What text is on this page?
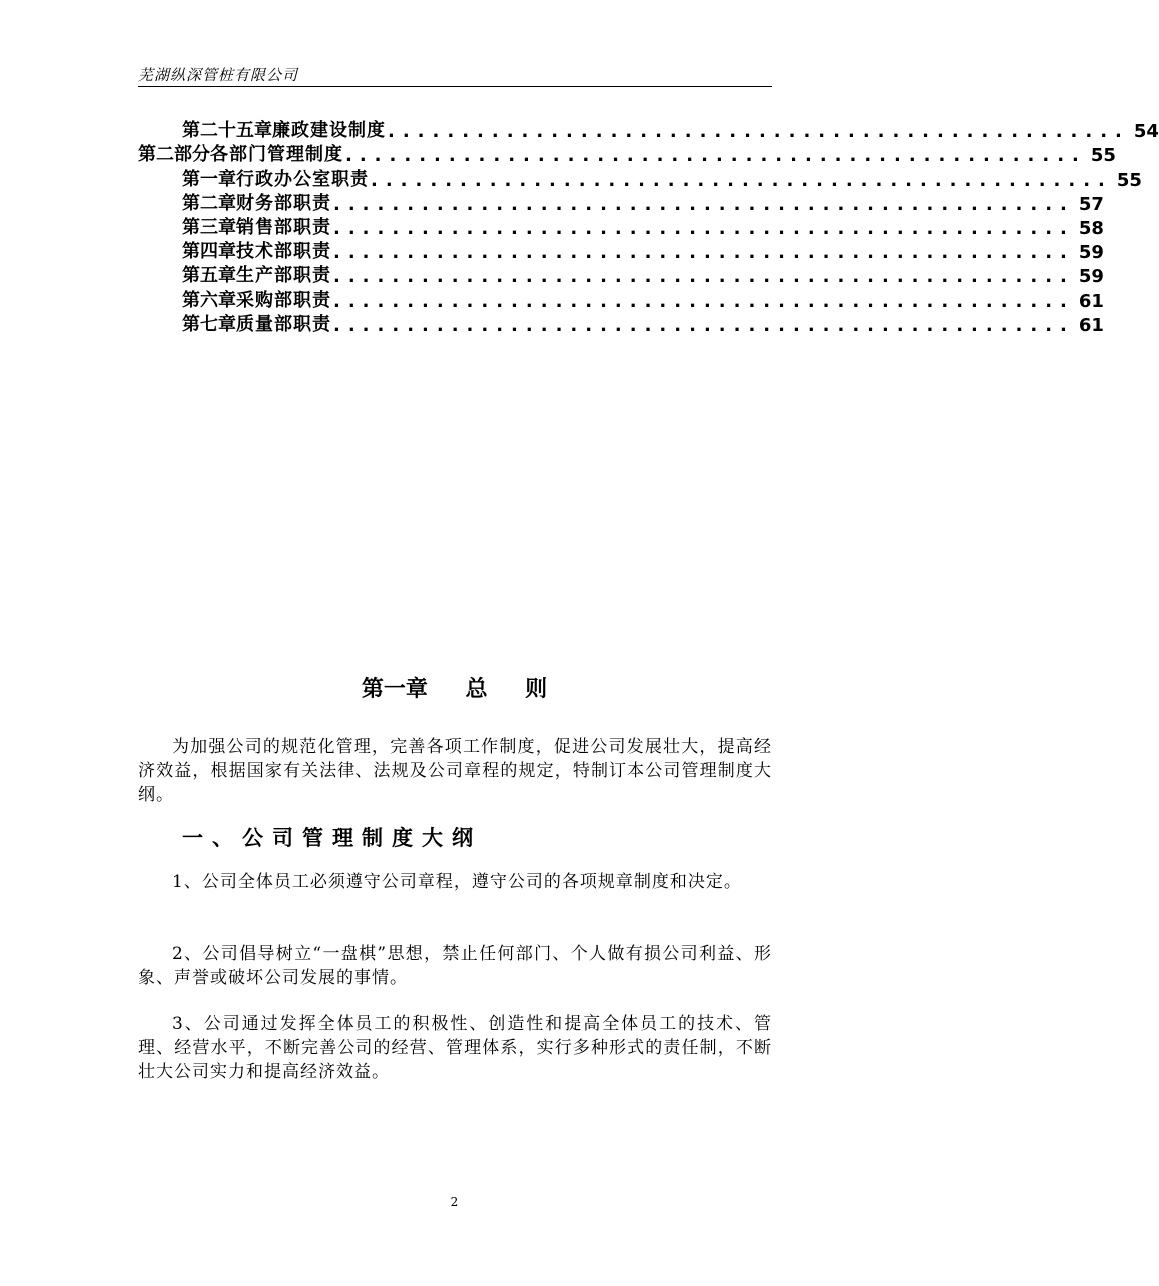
芜湖纵深管桩有限公司
第二十五章 廉政建设制度 .................................................. 54
第二部分 各部门管理制度 .................................................. 55
第一章 行政办公室职责 .................................................. 55
第二章 财务部职责 .................................................. 57
第三章 销售部职责 .................................................. 58
第四章 技术部职责 .................................................. 59
第五章 生产部职责 .................................................. 59
第六章 采购部职责 .................................................. 61
第七章 质量部职责 .................................................. 61
第一章 总 则
为加强公司的规范化管理，完善各项工作制度，促进公司发展壮大，提高经济效益，根据国家有关法律、法规及公司章程的规定，特制订本公司管理制度大纲。
一、公司管理制度大纲
1、公司全体员工必须遵守公司章程，遵守公司的各项规章制度和决定。
2、公司倡导树立“一盘棋”思想，禁止任何部门、个人做有损公司利益、形象、声誉或破坏公司发展的事情。
3、公司通过发挥全体员工的积极性、创造性和提高全体员工的技术、管理、经营水平，不断完善公司的经营、管理体系，实行多种形式的责任制，不断壮大公司实力和提高经济效益。
2
